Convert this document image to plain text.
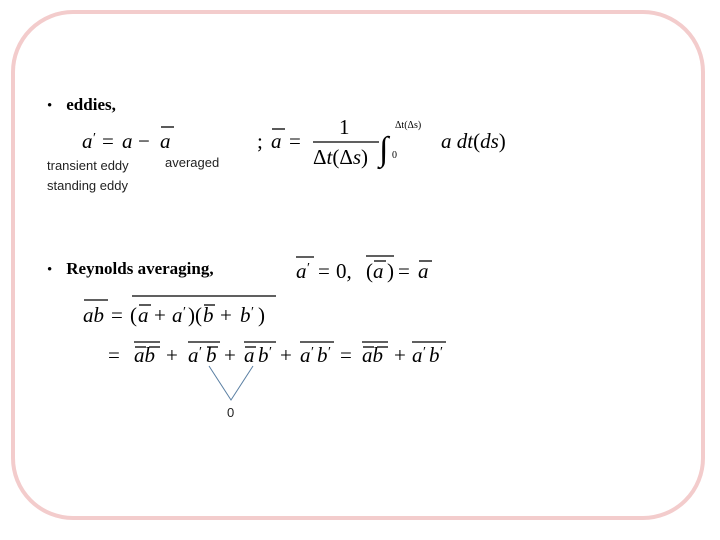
• eddies,
a ′ = a − a
transient eddy
standing eddy
averaged
; a =
1
Δt(Δs) ∫
Δt(Δs)
0
a dt(ds)
• Reynolds averaging,	a ′ = 0, ( a ) = a
ab = ( a + a ′ )( b + b ′ )
= ab + a ′ b + a b ′ + a ′ b ′ = ab + a ′ b ′
0
